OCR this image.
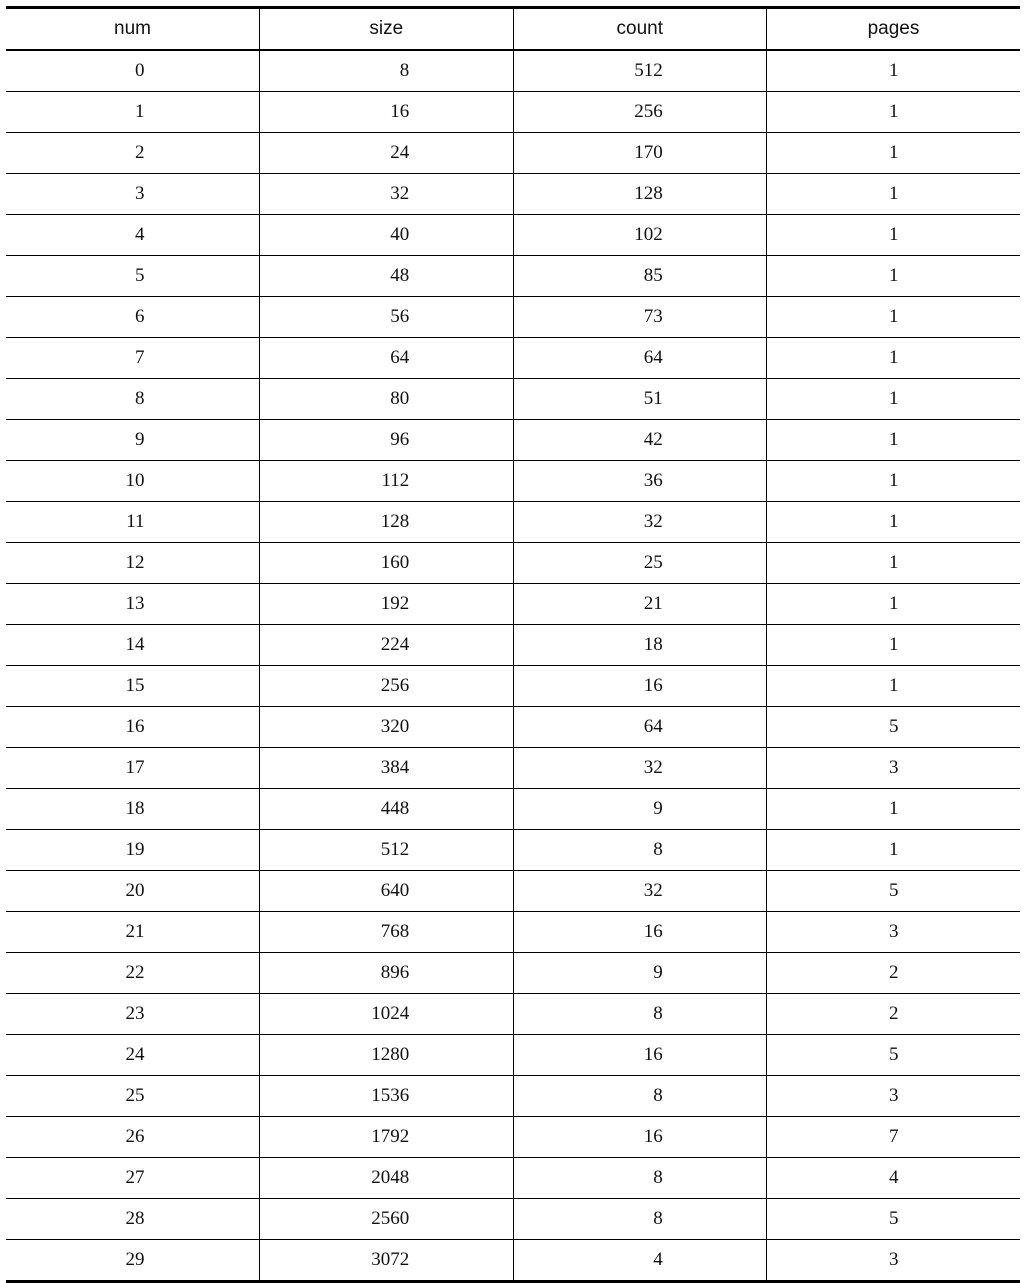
num	size	count	pages
0	8	512	1
1	16	256	1
2	24	170	1
3	32	128	1
4	40	102	1
5	48	85	1
6	56	73	1
7	64	64	1
8	80	51	1
9	96	42	1
10	112	36	1
11	128	32	1
12	160	25	1
13	192	21	1
14	224	18	1
15	256	16	1
16	320	64	5
17	384	32	3
18	448	9	1
19	512	8	1
20	640	32	5
21	768	16	3
22	896	9	2
23	1024	8	2
24	1280	16	5
25	1536	8	3
26	1792	16	7
27	2048	8	4
28	2560	8	5
29	3072	4	3
